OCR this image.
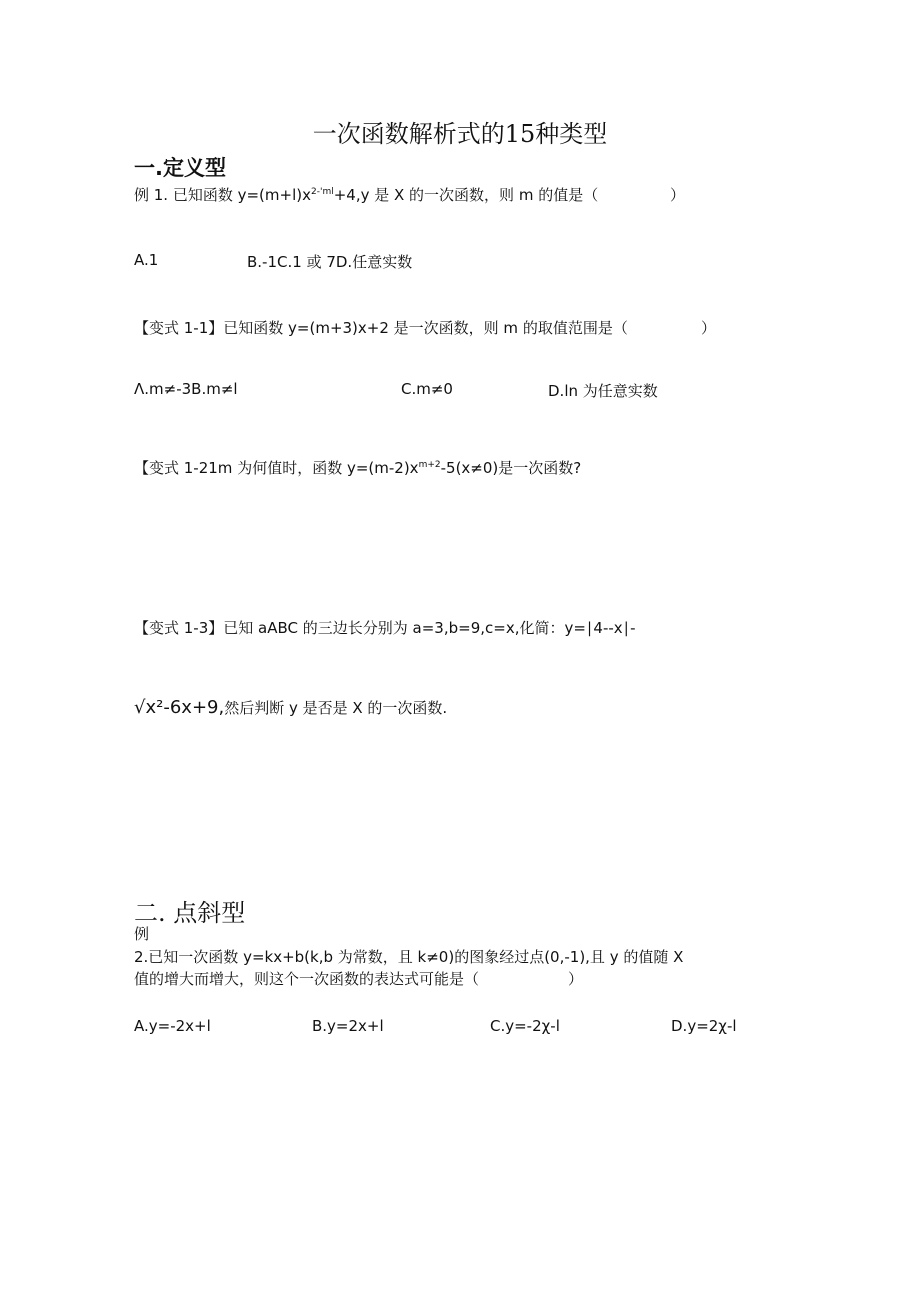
一次函数解析式的15种类型
一.定义型
例 1. 已知函数 $y=(m+l)x^{2-'ml}+4,y$ 是 X 的一次函数，则 m 的值是（	）
A.1	B.-1C.1 或 7D.任意实数
【变式 1-1】已知函数 y=(m+3)x+2 是一次函数，则 m 的取值范围是（	）
Λ.m≠-3B.m≠l	C.m≠0	D.ln 为任意实数
【变式 1-21m 为何值时，函数 $y=(m-2)x^{m+2}-5(x\ne 0)$是一次函数?
【变式 1-3】已知 aABC 的三边长分别为 a=3,b=9,c=x,化简：y=∣4--x∣-
√x²-6x+9,然后判断 y 是否是 X 的一次函数.
二. 点斜型
例
2.已知一次函数 y=kx+b(k,b 为常数，且 k≠0)的图象经过点(0,-1),且 y 的值随 X
值的增大而增大，则这个一次函数的表达式可能是（	）
A.y=-2x+l	B.y=2x+l	C.y=-2χ-l	D.y=2χ-l
